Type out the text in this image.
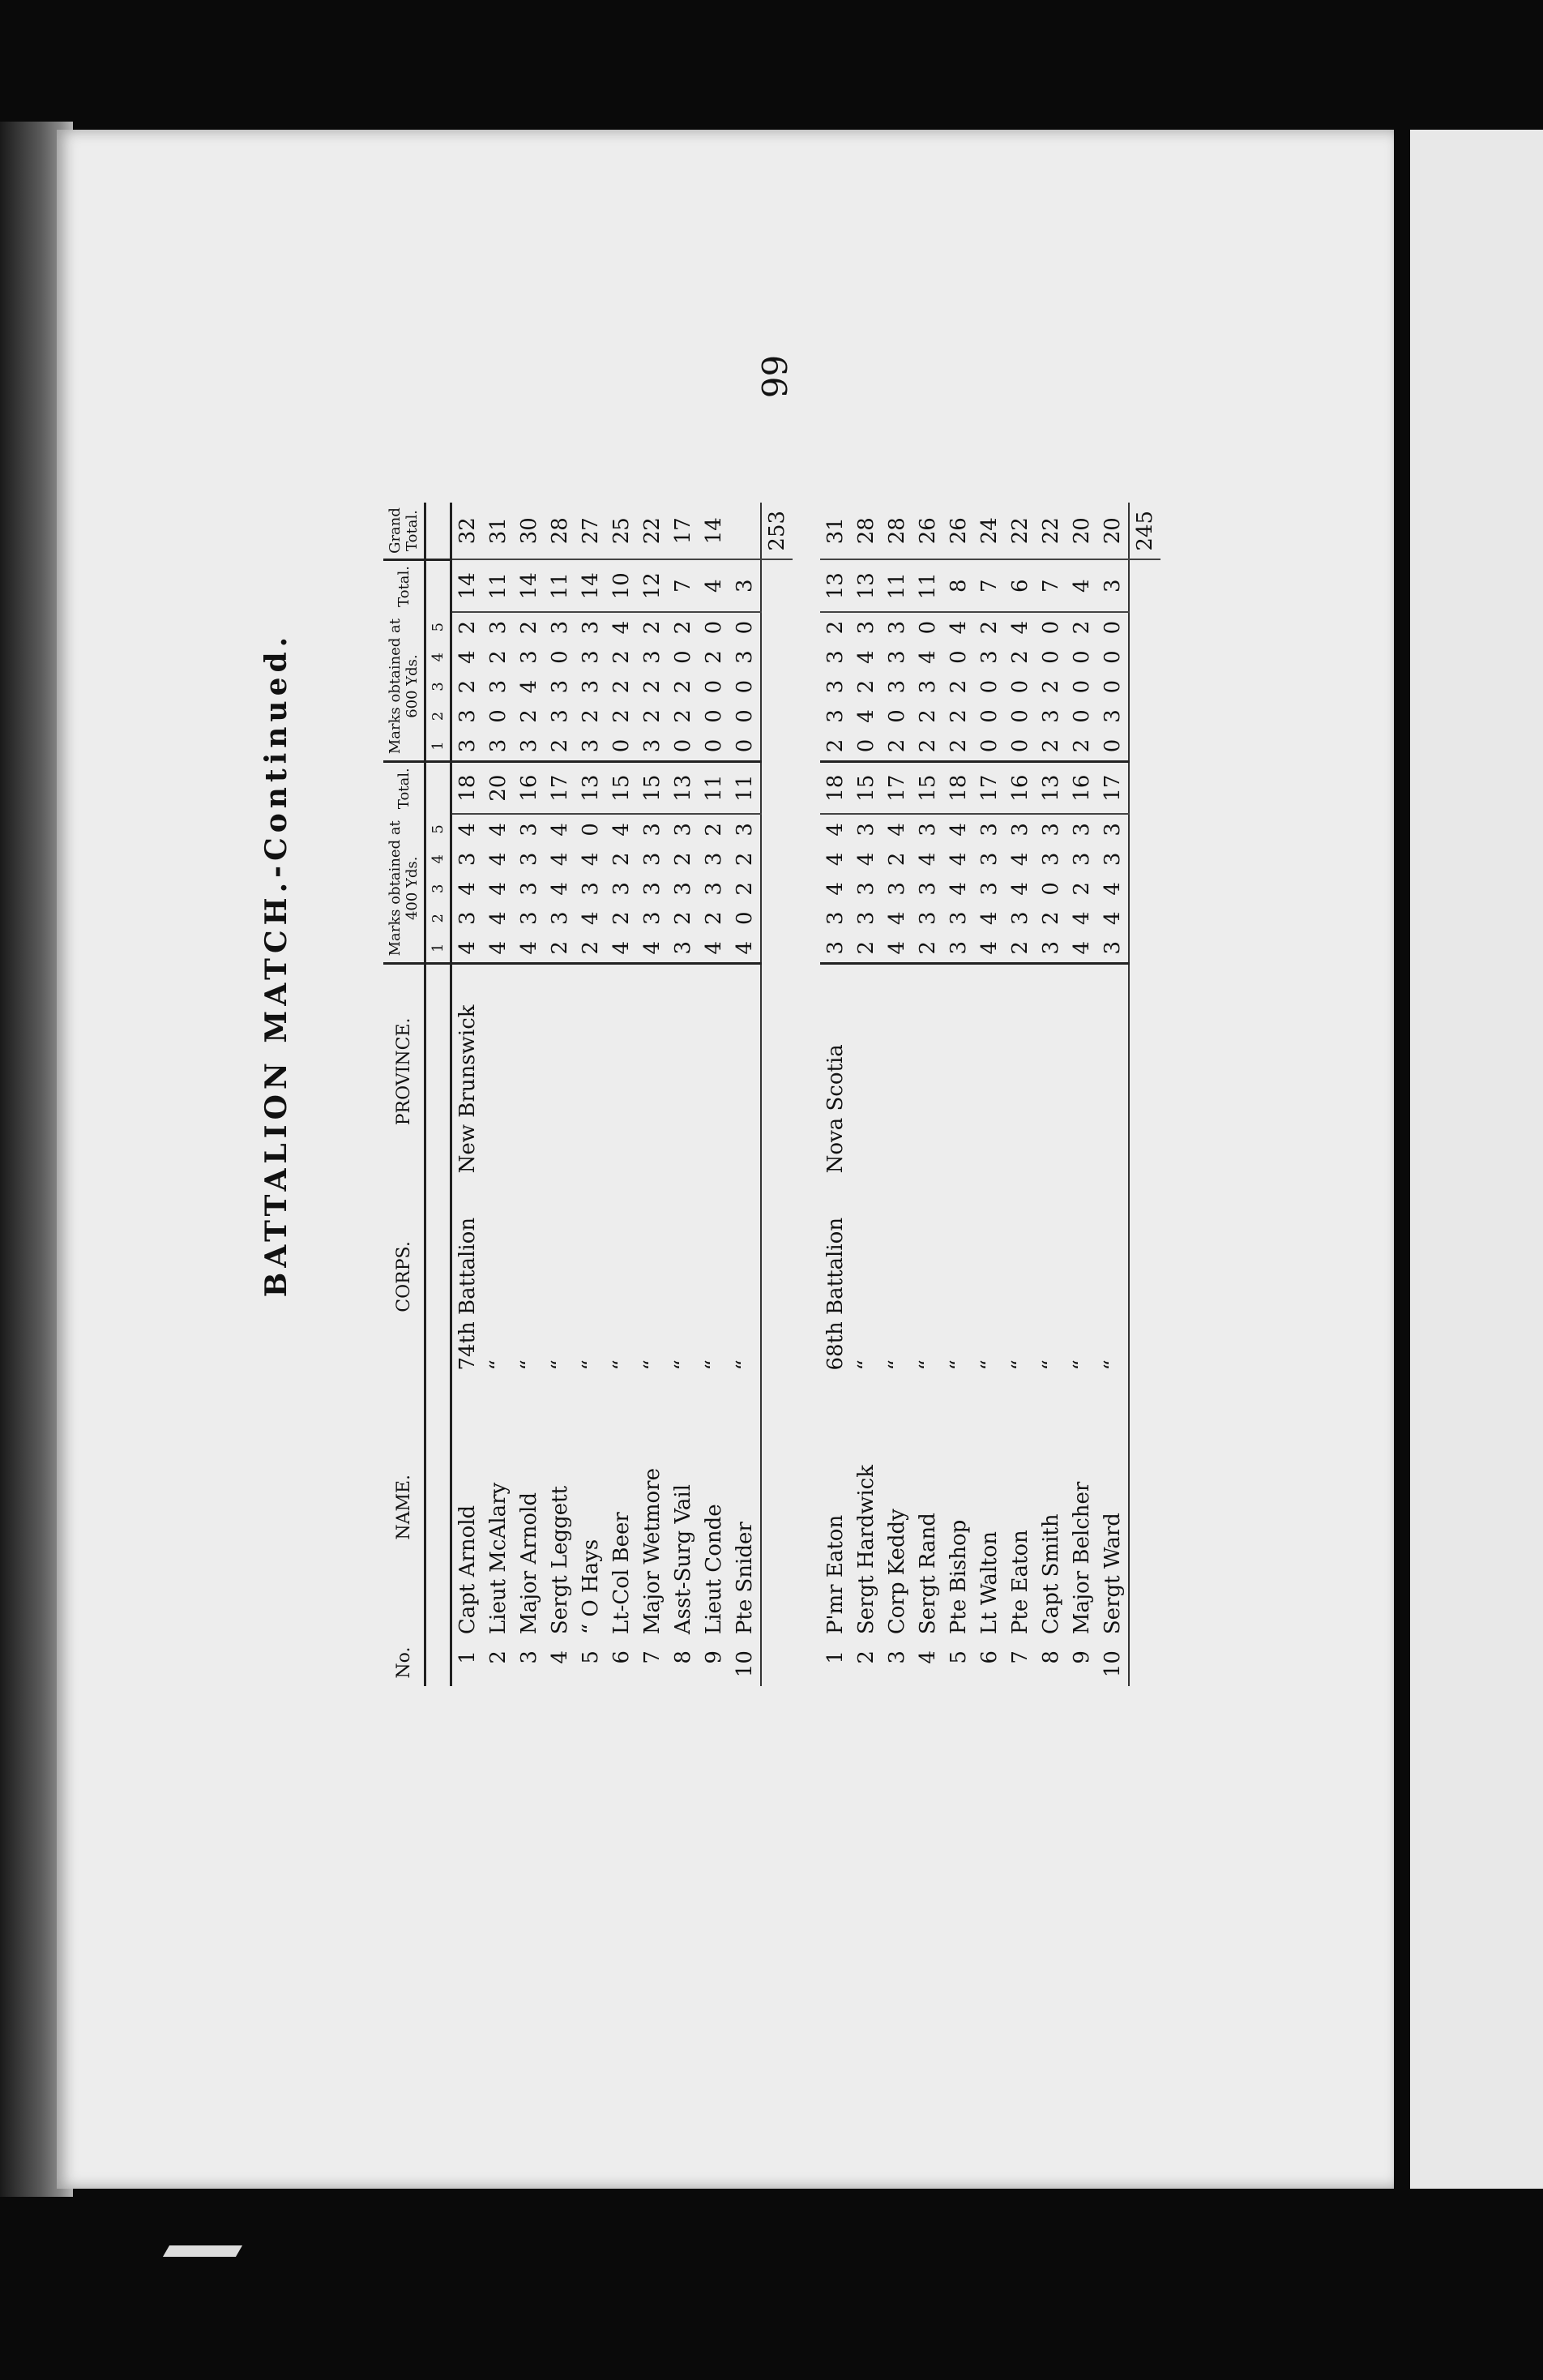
66
BATTALION MATCH.-Continued.
No.	NAME.	CORPS.	PROVINCE.	Marks obtained at 400 Yds.					Total.	Marks obtained at 600 Yds.					Total.	Grand Total.
				1	2	3	4	5		1	2	3	4	5		
1	Capt Arnold	74th Battalion	New Brunswick	4	3	4	3	4	18	3	3	2	4	2	14	32
2	Lieut McAlary	“		4	4	4	4	4	20	3	0	3	2	3	11	31
3	Major Arnold	“		4	3	3	3	3	16	3	2	4	3	2	14	30
4	Sergt Leggett	“		2	3	4	4	4	17	2	3	3	0	3	11	28
5	“ O Hays	“		2	4	3	4	0	13	3	2	3	3	3	14	27
6	Lt-Col Beer	“		4	2	3	2	4	15	0	2	2	2	4	10	25
7	Major Wetmore	“		4	3	3	3	3	15	3	2	2	3	2	12	22
8	Asst-Surg Vail	“		3	2	3	2	3	13	0	2	2	0	2	7	17
9	Lieut Conde	“		4	2	3	3	2	11	0	0	0	2	0	4	14
10	Pte Snider	“		4	0	2	2	3	11	0	0	0	3	0	3	
																253

1	P'mr Eaton	68th Battalion	Nova Scotia	3	3	4	4	4	18	2	3	3	3	2	13	31
2	Sergt Hardwick	“		2	3	3	4	3	15	0	4	2	4	3	13	28
3	Corp Keddy	“		4	4	3	2	4	17	2	0	3	3	3	11	28
4	Sergt Rand	“		2	3	3	4	3	15	2	2	3	4	0	11	26
5	Pte Bishop	“		3	3	4	4	4	18	2	2	2	0	4	8	26
6	Lt Walton	“		4	4	3	3	3	17	0	0	0	3	2	7	24
7	Pte Eaton	“		2	3	4	4	3	16	0	0	0	2	4	6	22
8	Capt Smith	“		3	2	0	3	3	13	2	3	2	0	0	7	22
9	Major Belcher	“		4	4	2	3	3	16	2	0	0	0	2	4	20
10	Sergt Ward	“		3	4	4	3	3	17	0	3	0	0	0	3	20
																245
